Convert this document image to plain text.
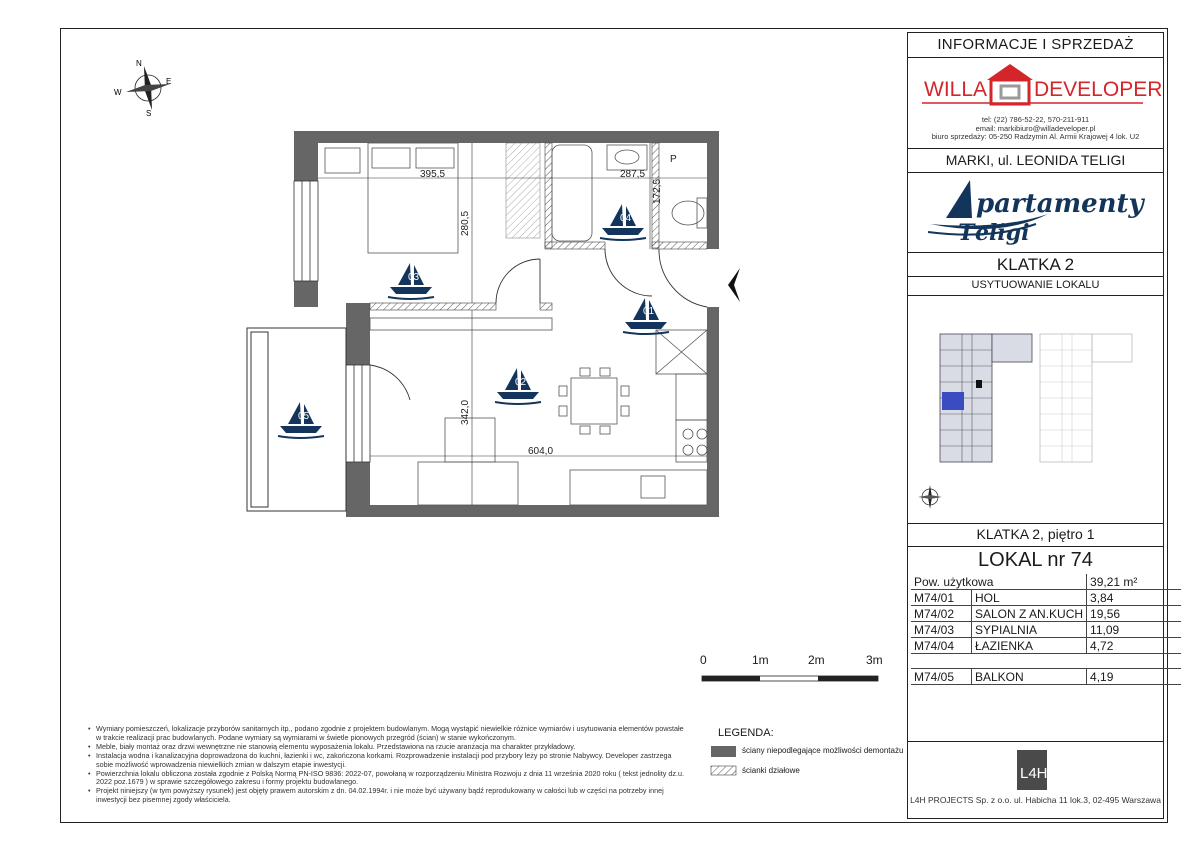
INFORMACJE I SPRZEDAŻ
WILLA DEVELOPER
tel: (22) 786-52-22, 570-211-911
email: markibiuro@willadeveloper.pl
biuro sprzedaży: 05-250 Radzymin Al. Armii Krajowej 4 lok. U2
MARKI, ul. LEONIDA TELIGI
partamenty
T eligi
KLATKA 2
USYTUOWANIE LOKALU
KLATKA 2, piętro 1
LOKAL nr 74
Pow. użytkowa		39,21 m²
M74/01	HOL	3,84
M74/02	SALON Z AN.KUCH	19,56
M74/03	SYPIALNIA	11,09
M74/04	ŁAZIENKA	4,72

M74/05	BALKON	4,19
L4H
L4H PROJECTS Sp. z o.o. ul. Habicha 11 lok.3, 02-495 Warszawa
395,5	287,5
172,5
280,5
342,0
604,0
P
01
02
03
04
05
N
E
S
W
0	1m	2m	3m
LEGENDA:
ściany niepodlegające możliwości demontażu
ścianki działowe
• Wymiary pomieszczeń, lokalizacje przyborów sanitarnych itp., podano zgodnie z projektem budowlanym. Mogą wystąpić niewielkie różnice wymiarów i usytuowania elementów powstałe w trakcie realizacji prac budowlanych. Podane wymiary są wymiarami w świetle pionowych przegród (ścian) w stanie wykończonym.
• Meble, biały montaż oraz drzwi wewnętrzne nie stanowią elementu wyposażenia lokalu. Przedstawiona na rzucie aranżacja ma charakter przykładowy.
• Instalacja wodna i kanalizacyjna doprowadzona do kuchni, łazienki i wc, zakończona korkami. Rozprowadzenie instalacji pod przybory leży po stronie Nabywcy. Developer zastrzega sobie możliwość wprowadzenia niewielkich zmian w dalszym etapie inwestycji.
• Powierzchnia lokalu obliczona została zgodnie z Polską Normą PN-ISO 9836: 2022-07, powołaną w rozporządzeniu Ministra Rozwoju z dnia 11 września 2020 roku ( tekst jednolity dz.u. 2022 poz.1679 ) w sprawie szczegółowego zakresu i formy projektu budowlanego.
• Projekt niniejszy (w tym powyższy rysunek) jest objęty prawem autorskim z dn. 04.02.1994r. i nie może być używany bądź reprodukowany w całości lub w części na potrzeby innej inwestycji bez pisemnej zgody właściciela.
